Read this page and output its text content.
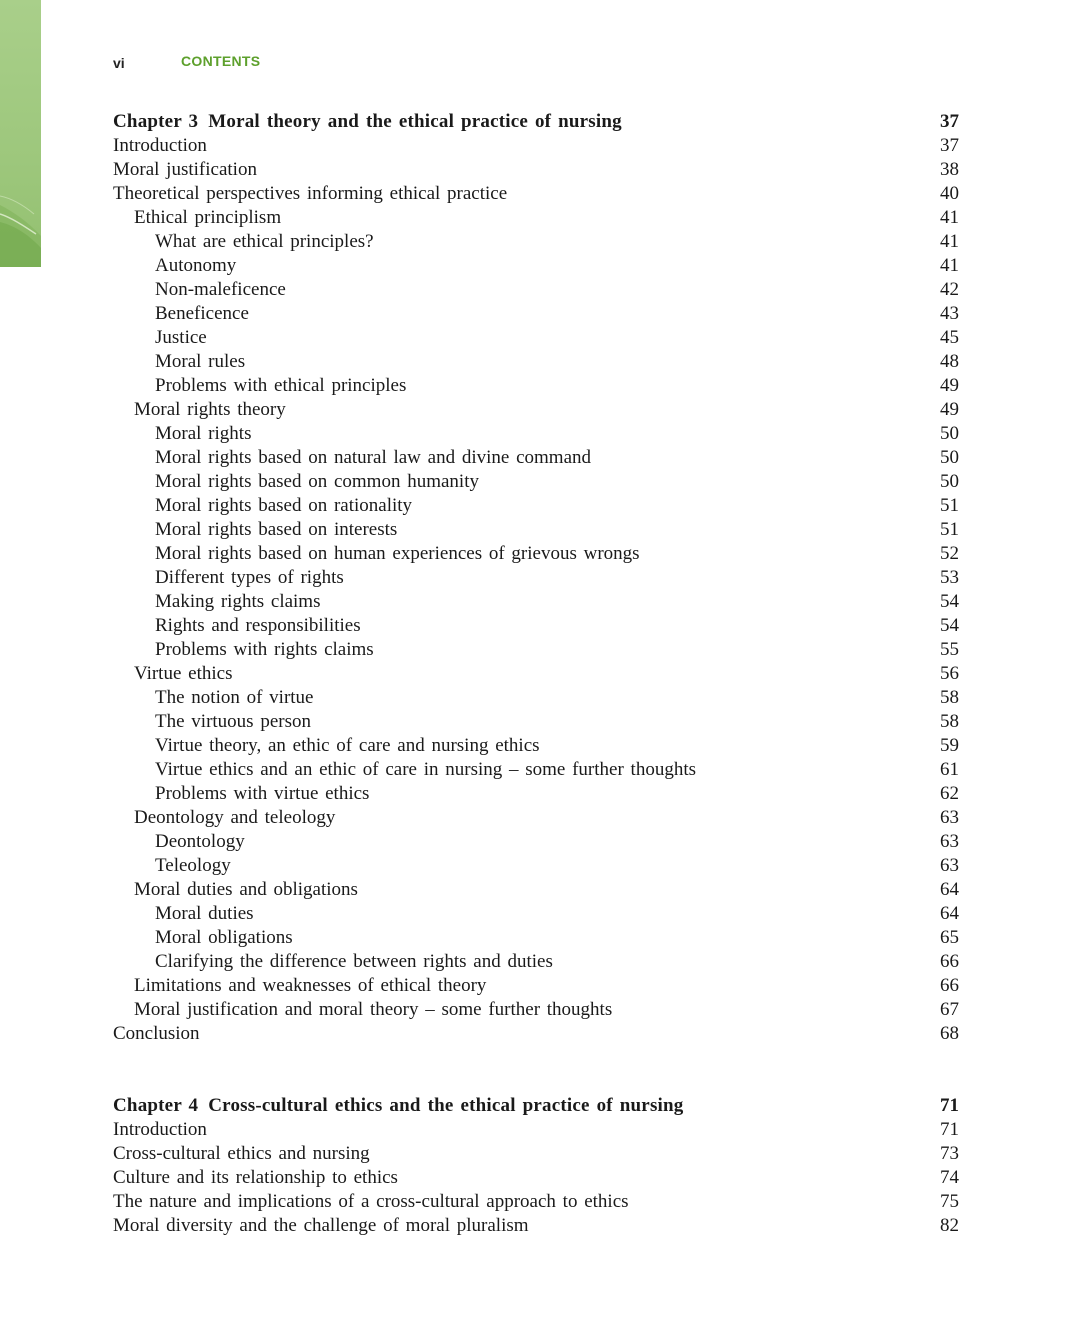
vi	CONTENTS
Chapter 3 Moral theory and the ethical practice of nursing	37
Introduction	37
Moral justification	38
Theoretical perspectives informing ethical practice	40
Ethical principlism	41
What are ethical principles?	41
Autonomy	41
Non-maleficence	42
Beneficence	43
Justice	45
Moral rules	48
Problems with ethical principles	49
Moral rights theory	49
Moral rights	50
Moral rights based on natural law and divine command	50
Moral rights based on common humanity	50
Moral rights based on rationality	51
Moral rights based on interests	51
Moral rights based on human experiences of grievous wrongs	52
Different types of rights	53
Making rights claims	54
Rights and responsibilities	54
Problems with rights claims	55
Virtue ethics	56
The notion of virtue	58
The virtuous person	58
Virtue theory, an ethic of care and nursing ethics	59
Virtue ethics and an ethic of care in nursing – some further thoughts	61
Problems with virtue ethics	62
Deontology and teleology	63
Deontology	63
Teleology	63
Moral duties and obligations	64
Moral duties	64
Moral obligations	65
Clarifying the difference between rights and duties	66
Limitations and weaknesses of ethical theory	66
Moral justification and moral theory – some further thoughts	67
Conclusion	68
Chapter 4 Cross-cultural ethics and the ethical practice of nursing	71
Introduction	71
Cross-cultural ethics and nursing	73
Culture and its relationship to ethics	74
The nature and implications of a cross-cultural approach to ethics	75
Moral diversity and the challenge of moral pluralism	82
